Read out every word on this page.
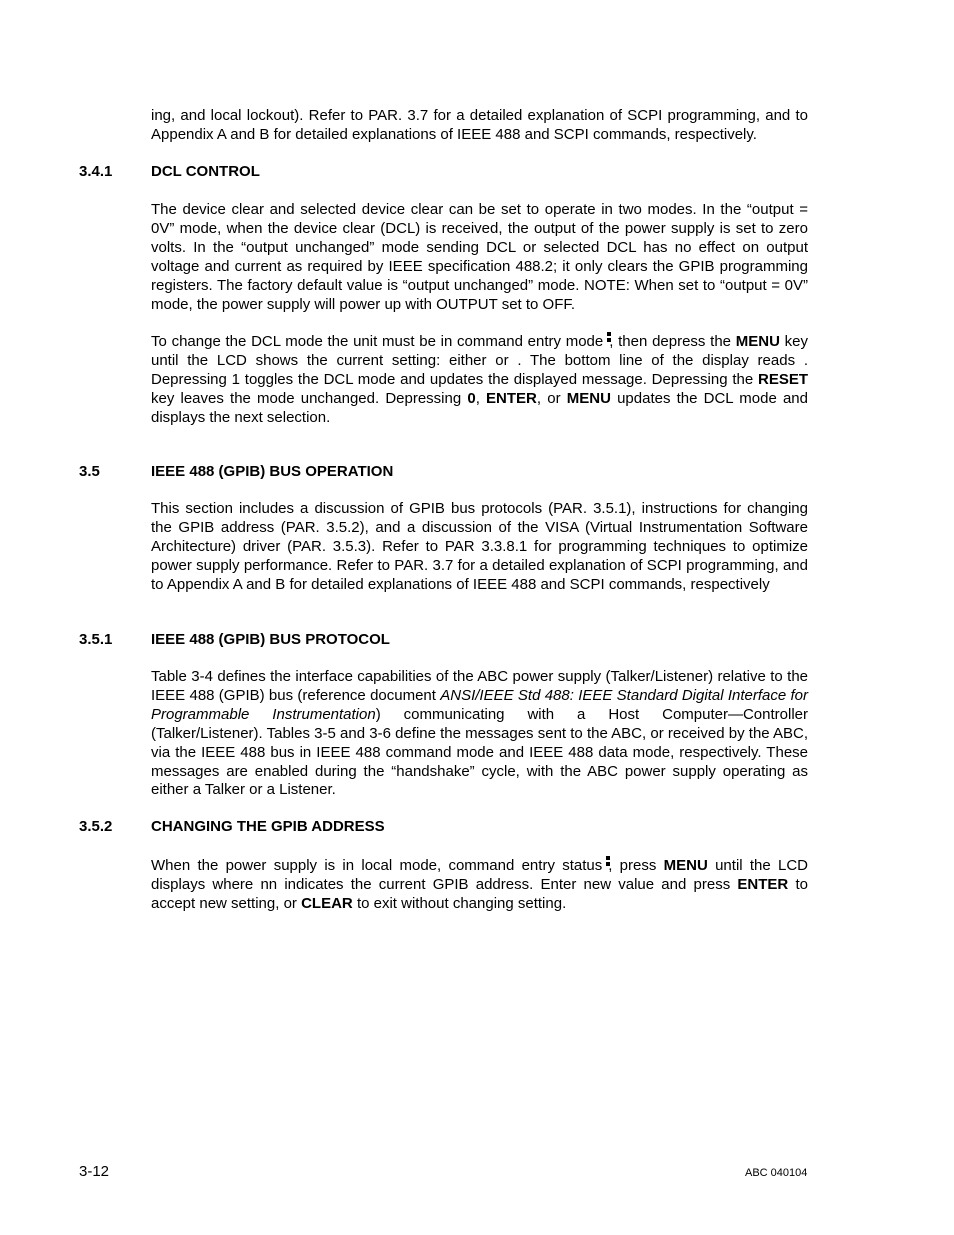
ing, and local lockout). Refer to PAR. 3.7 for a detailed explanation of SCPI programming, and to Appendix A and B for detailed explanations of IEEE 488 and SCPI commands, respectively.
3.4.1	DCL CONTROL
The device clear and selected device clear can be set to operate in two modes. In the “output = 0V” mode, when the device clear (DCL) is received, the output of the power supply is set to zero volts. In the “output unchanged” mode sending DCL or selected DCL has no effect on output voltage and current as required by IEEE specification 488.2; it only clears the GPIB programming registers. The factory default value is “output unchanged” mode. NOTE: When set to “output = 0V” mode, the power supply will power up with OUTPUT set to OFF.
To change the DCL mode the unit must be in command entry mode , then depress the MENU key until the LCD shows the current setting: either or . The bottom line of the display reads . Depressing 1 toggles the DCL mode and updates the displayed message. Depressing the RESET key leaves the mode unchanged. Depressing 0, ENTER, or MENU updates the DCL mode and displays the next selection.
3.5	IEEE 488 (GPIB) BUS OPERATION
This section includes a discussion of GPIB bus protocols (PAR. 3.5.1), instructions for changing the GPIB address (PAR. 3.5.2), and a discussion of the VISA (Virtual Instrumentation Software Architecture) driver (PAR. 3.5.3). Refer to PAR 3.3.8.1 for programming techniques to optimize power supply performance. Refer to PAR. 3.7 for a detailed explanation of SCPI programming, and to Appendix A and B for detailed explanations of IEEE 488 and SCPI commands, respectively
3.5.1	IEEE 488 (GPIB) BUS PROTOCOL
Table 3-4 defines the interface capabilities of the ABC power supply (Talker/Listener) relative to the IEEE 488 (GPIB) bus (reference document ANSI/IEEE Std 488: IEEE Standard Digital Interface for Programmable Instrumentation) communicating with a Host Computer—Controller (Talker/Listener). Tables 3-5 and 3-6 define the messages sent to the ABC, or received by the ABC, via the IEEE 488 bus in IEEE 488 command mode and IEEE 488 data mode, respectively. These messages are enabled during the “handshake” cycle, with the ABC power supply operating as either a Talker or a Listener.
3.5.2	CHANGING THE GPIB ADDRESS
When the power supply is in local mode, command entry status , press MENU until the LCD displays where nn indicates the current GPIB address. Enter new value and press ENTER to accept new setting, or CLEAR to exit without changing setting.
3-12	ABC 040104
